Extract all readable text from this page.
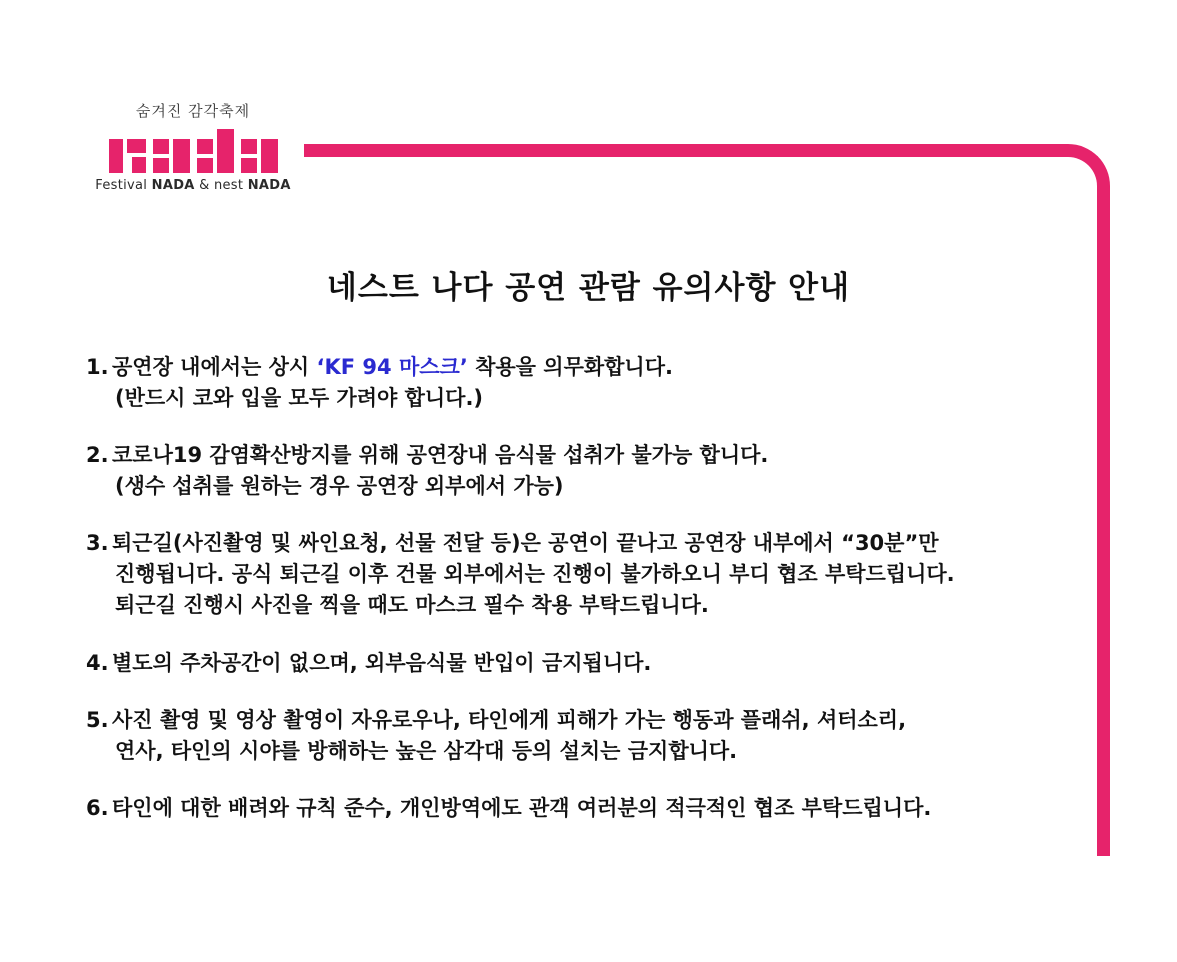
숨겨진 감각축제
Festival NADA & nest NADA
네스트 나다 공연 관람 유의사항 안내
1. 공연장 내에서는 상시 ‘KF 94 마스크’ 착용을 의무화합니다.
(반드시 코와 입을 모두 가려야 합니다.)
2. 코로나19 감염확산방지를 위해 공연장내 음식물 섭취가 불가능 합니다.
(생수 섭취를 원하는 경우 공연장 외부에서 가능)
3. 퇴근길(사진촬영 및 싸인요청, 선물 전달 등)은 공연이 끝나고 공연장 내부에서 “30분”만
진행됩니다. 공식 퇴근길 이후 건물 외부에서는 진행이 불가하오니 부디 협조 부탁드립니다.
퇴근길 진행시 사진을 찍을 때도 마스크 필수 착용 부탁드립니다.
4. 별도의 주차공간이 없으며, 외부음식물 반입이 금지됩니다.
5. 사진 촬영 및 영상 촬영이 자유로우나, 타인에게 피해가 가는 행동과 플래쉬, 셔터소리,
연사, 타인의 시야를 방해하는 높은 삼각대 등의 설치는 금지합니다.
6. 타인에 대한 배려와 규칙 준수, 개인방역에도 관객 여러분의 적극적인 협조 부탁드립니다.
